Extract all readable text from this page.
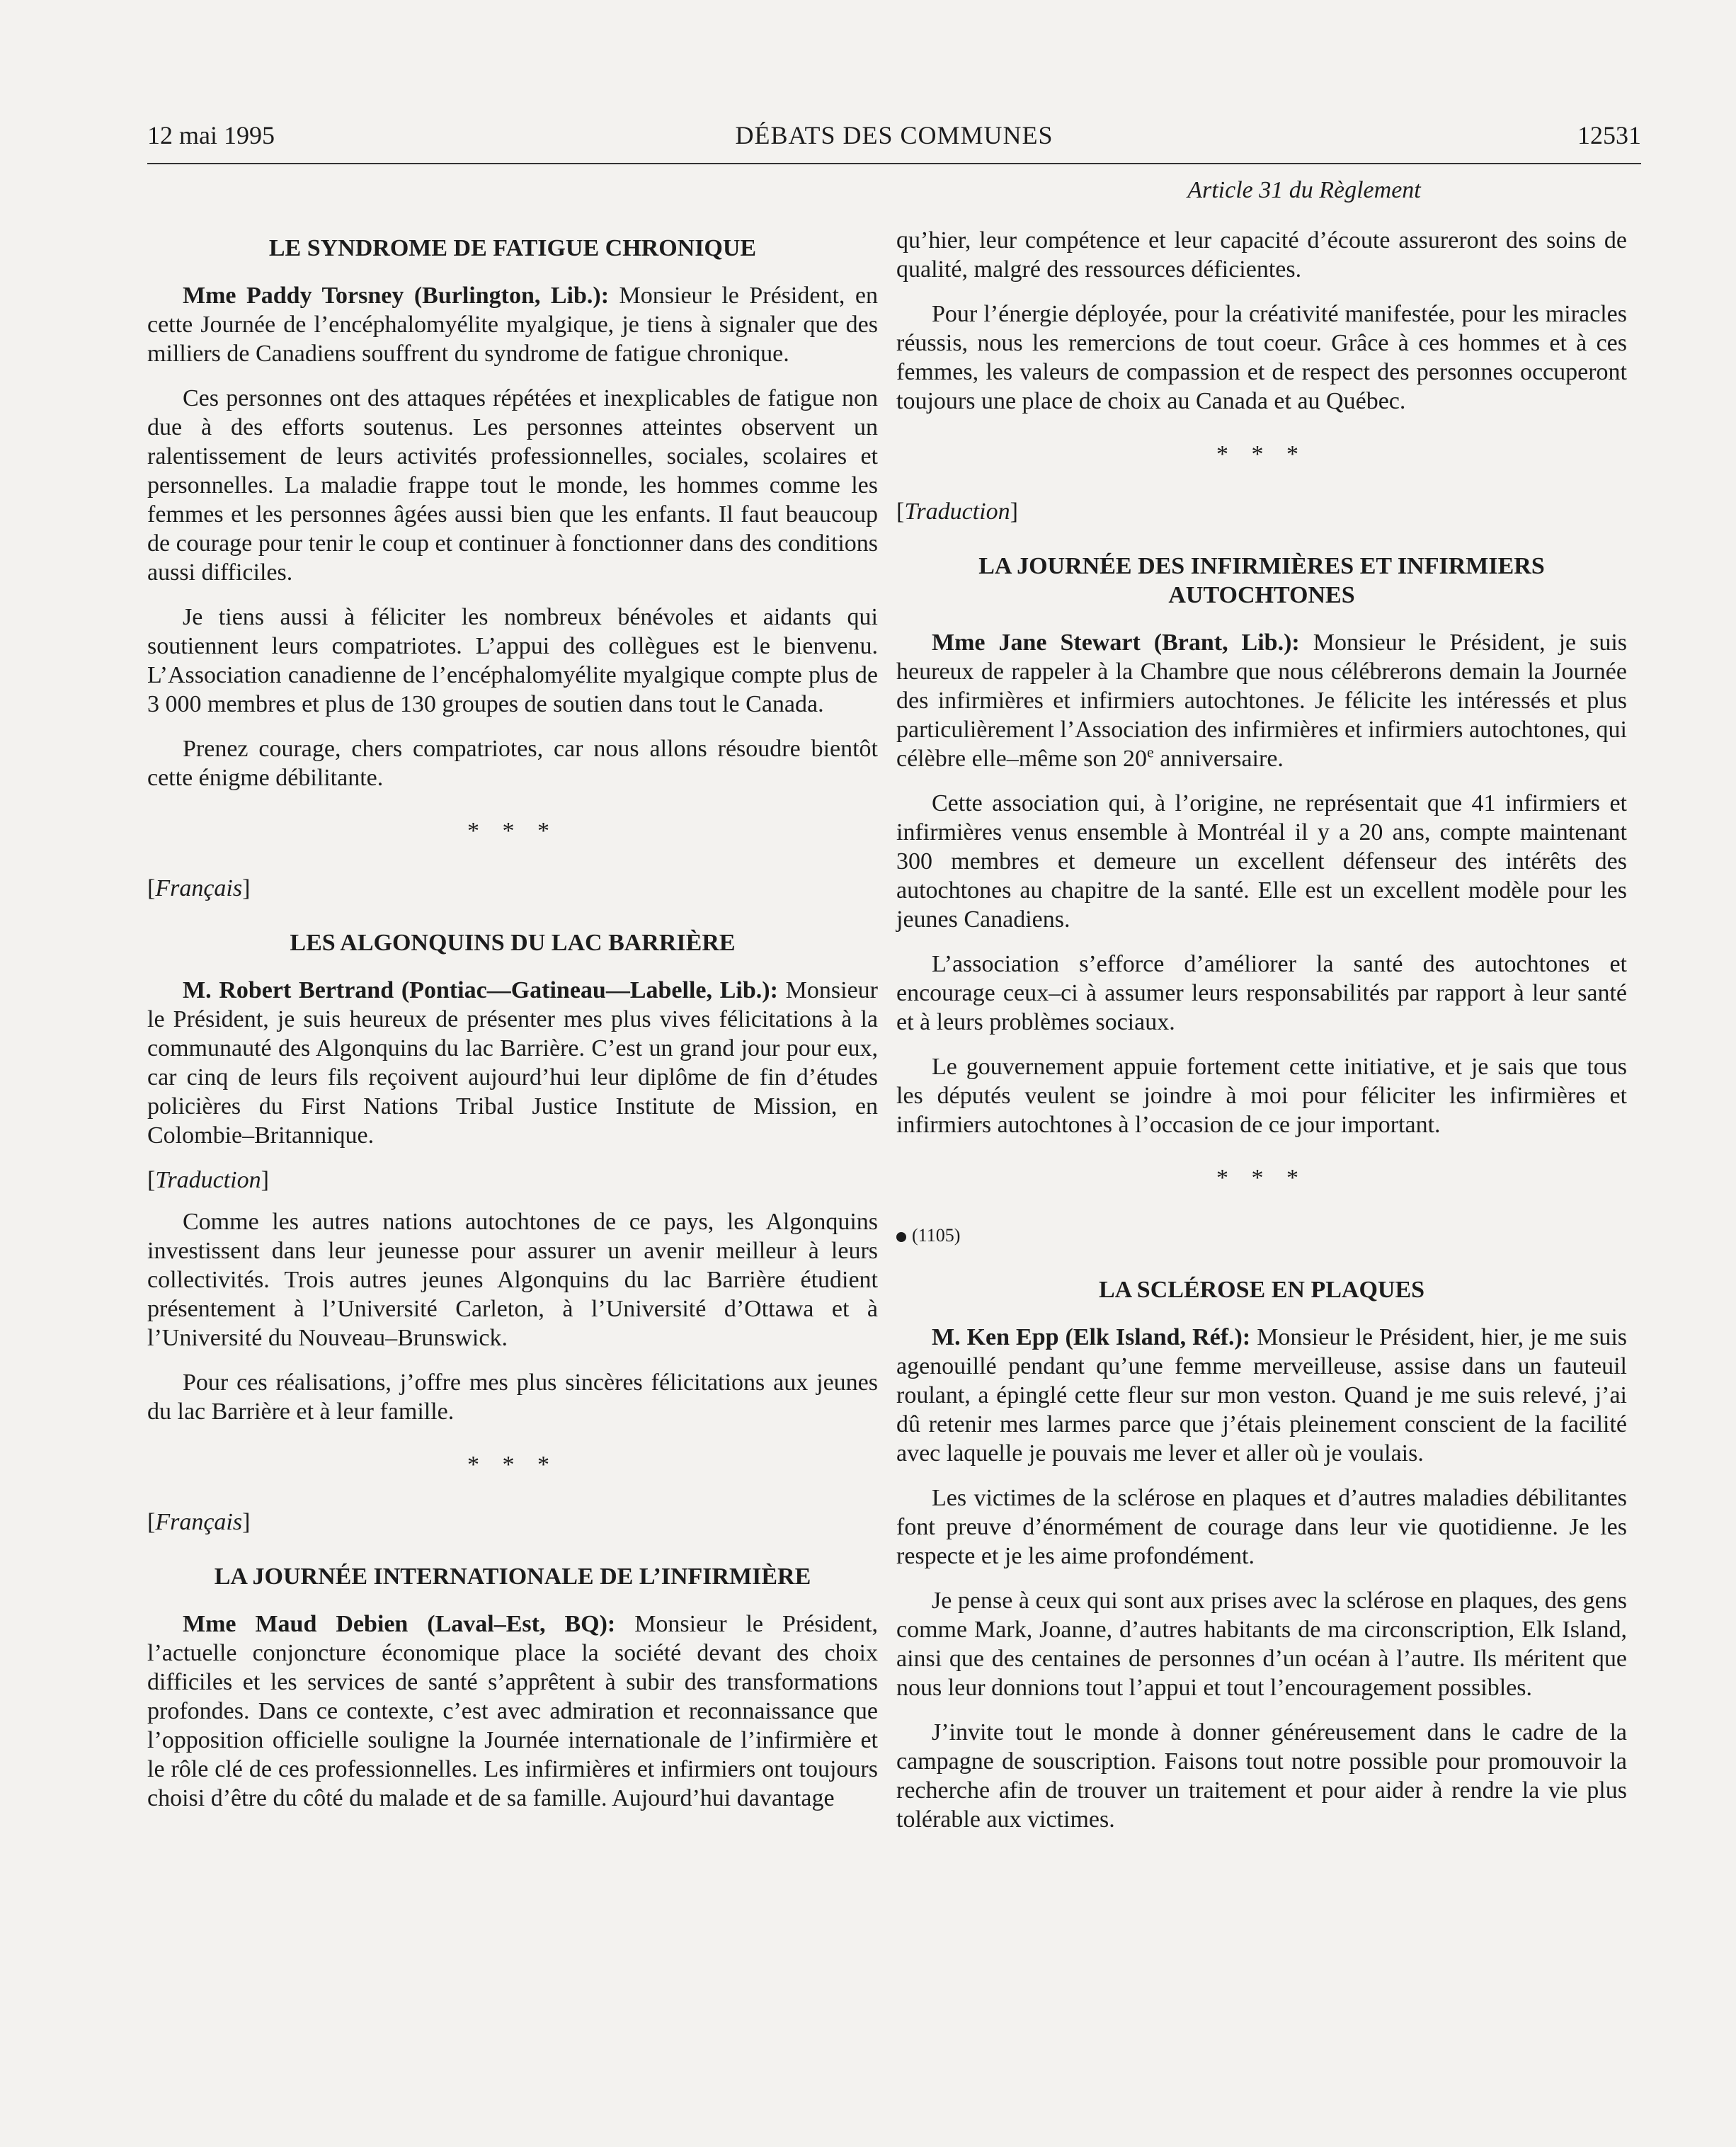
12 mai 1995	DÉBATS DES COMMUNES	12531
LE SYNDROME DE FATIGUE CHRONIQUE

Mme Paddy Torsney (Burlington, Lib.): Monsieur le Président, en cette Journée de l’encéphalomyélite myalgique, je tiens à signaler que des milliers de Canadiens souffrent du syndrome de fatigue chronique.

Ces personnes ont des attaques répétées et inexplicables de fatigue non due à des efforts soutenus. Les personnes atteintes observent un ralentissement de leurs activités professionnelles, sociales, scolaires et personnelles. La maladie frappe tout le monde, les hommes comme les femmes et les personnes âgées aussi bien que les enfants. Il faut beaucoup de courage pour tenir le coup et continuer à fonctionner dans des conditions aussi difficiles.

Je tiens aussi à féliciter les nombreux bénévoles et aidants qui soutiennent leurs compatriotes. L’appui des collègues est le bienvenu. L’Association canadienne de l’encéphalomyélite myalgique compte plus de 3 000 membres et plus de 130 groupes de soutien dans tout le Canada.

Prenez courage, chers compatriotes, car nous allons résoudre bientôt cette énigme débilitante.

* * *
[Français]
LES ALGONQUINS DU LAC BARRIÈRE

M. Robert Bertrand (Pontiac—Gatineau—Labelle, Lib.): Monsieur le Président, je suis heureux de présenter mes plus vives félicitations à la communauté des Algonquins du lac Barrière. C’est un grand jour pour eux, car cinq de leurs fils reçoivent aujourd’hui leur diplôme de fin d’études policières du First Nations Tribal Justice Institute de Mission, en Colombie–Britannique.

[Traduction]

Comme les autres nations autochtones de ce pays, les Algonquins investissent dans leur jeunesse pour assurer un avenir meilleur à leurs collectivités. Trois autres jeunes Algonquins du lac Barrière étudient présentement à l’Université Carleton, à l’Université d’Ottawa et à l’Université du Nouveau–Brunswick.

Pour ces réalisations, j’offre mes plus sincères félicitations aux jeunes du lac Barrière et à leur famille.

* * *
[Français]
LA JOURNÉE INTERNATIONALE DE L’INFIRMIÈRE

Mme Maud Debien (Laval–Est, BQ): Monsieur le Président, l’actuelle conjoncture économique place la société devant des choix difficiles et les services de santé s’apprêtent à subir des transformations profondes. Dans ce contexte, c’est avec admiration et reconnaissance que l’opposition officielle souligne la Journée internationale de l’infirmière et le rôle clé de ces professionnelles. Les infirmières et infirmiers ont toujours choisi d’être du côté du malade et de sa famille. Aujourd’hui davantage

Article 31 du Règlement

qu’hier, leur compétence et leur capacité d’écoute assureront des soins de qualité, malgré des ressources déficientes.

Pour l’énergie déployée, pour la créativité manifestée, pour les miracles réussis, nous les remercions de tout coeur. Grâce à ces hommes et à ces femmes, les valeurs de compassion et de respect des personnes occuperont toujours une place de choix au Canada et au Québec.

* * *
[Traduction]
LA JOURNÉE DES INFIRMIÈRES ET INFIRMIERS AUTOCHTONES

Mme Jane Stewart (Brant, Lib.): Monsieur le Président, je suis heureux de rappeler à la Chambre que nous célébrerons demain la Journée des infirmières et infirmiers autochtones. Je félicite les intéressés et plus particulièrement l’Association des infirmières et infirmiers autochtones, qui célèbre elle–même son 20e anniversaire.

Cette association qui, à l’origine, ne représentait que 41 infirmiers et infirmières venus ensemble à Montréal il y a 20 ans, compte maintenant 300 membres et demeure un excellent défenseur des intérêts des autochtones au chapitre de la santé. Elle est un excellent modèle pour les jeunes Canadiens.

L’association s’efforce d’améliorer la santé des autochtones et encourage ceux–ci à assumer leurs responsabilités par rapport à leur santé et à leurs problèmes sociaux.

Le gouvernement appuie fortement cette initiative, et je sais que tous les députés veulent se joindre à moi pour féliciter les infirmières et infirmiers autochtones à l’occasion de ce jour important.

* * *
(1105)
LA SCLÉROSE EN PLAQUES

M. Ken Epp (Elk Island, Réf.): Monsieur le Président, hier, je me suis agenouillé pendant qu’une femme merveilleuse, assise dans un fauteuil roulant, a épinglé cette fleur sur mon veston. Quand je me suis relevé, j’ai dû retenir mes larmes parce que j’étais pleinement conscient de la facilité avec laquelle je pouvais me lever et aller où je voulais.

Les victimes de la sclérose en plaques et d’autres maladies débilitantes font preuve d’énormément de courage dans leur vie quotidienne. Je les respecte et je les aime profondément.

Je pense à ceux qui sont aux prises avec la sclérose en plaques, des gens comme Mark, Joanne, d’autres habitants de ma circonscription, Elk Island, ainsi que des centaines de personnes d’un océan à l’autre. Ils méritent que nous leur donnions tout l’appui et tout l’encouragement possibles.

J’invite tout le monde à donner généreusement dans le cadre de la campagne de souscription. Faisons tout notre possible pour promouvoir la recherche afin de trouver un traitement et pour aider à rendre la vie plus tolérable aux victimes.
